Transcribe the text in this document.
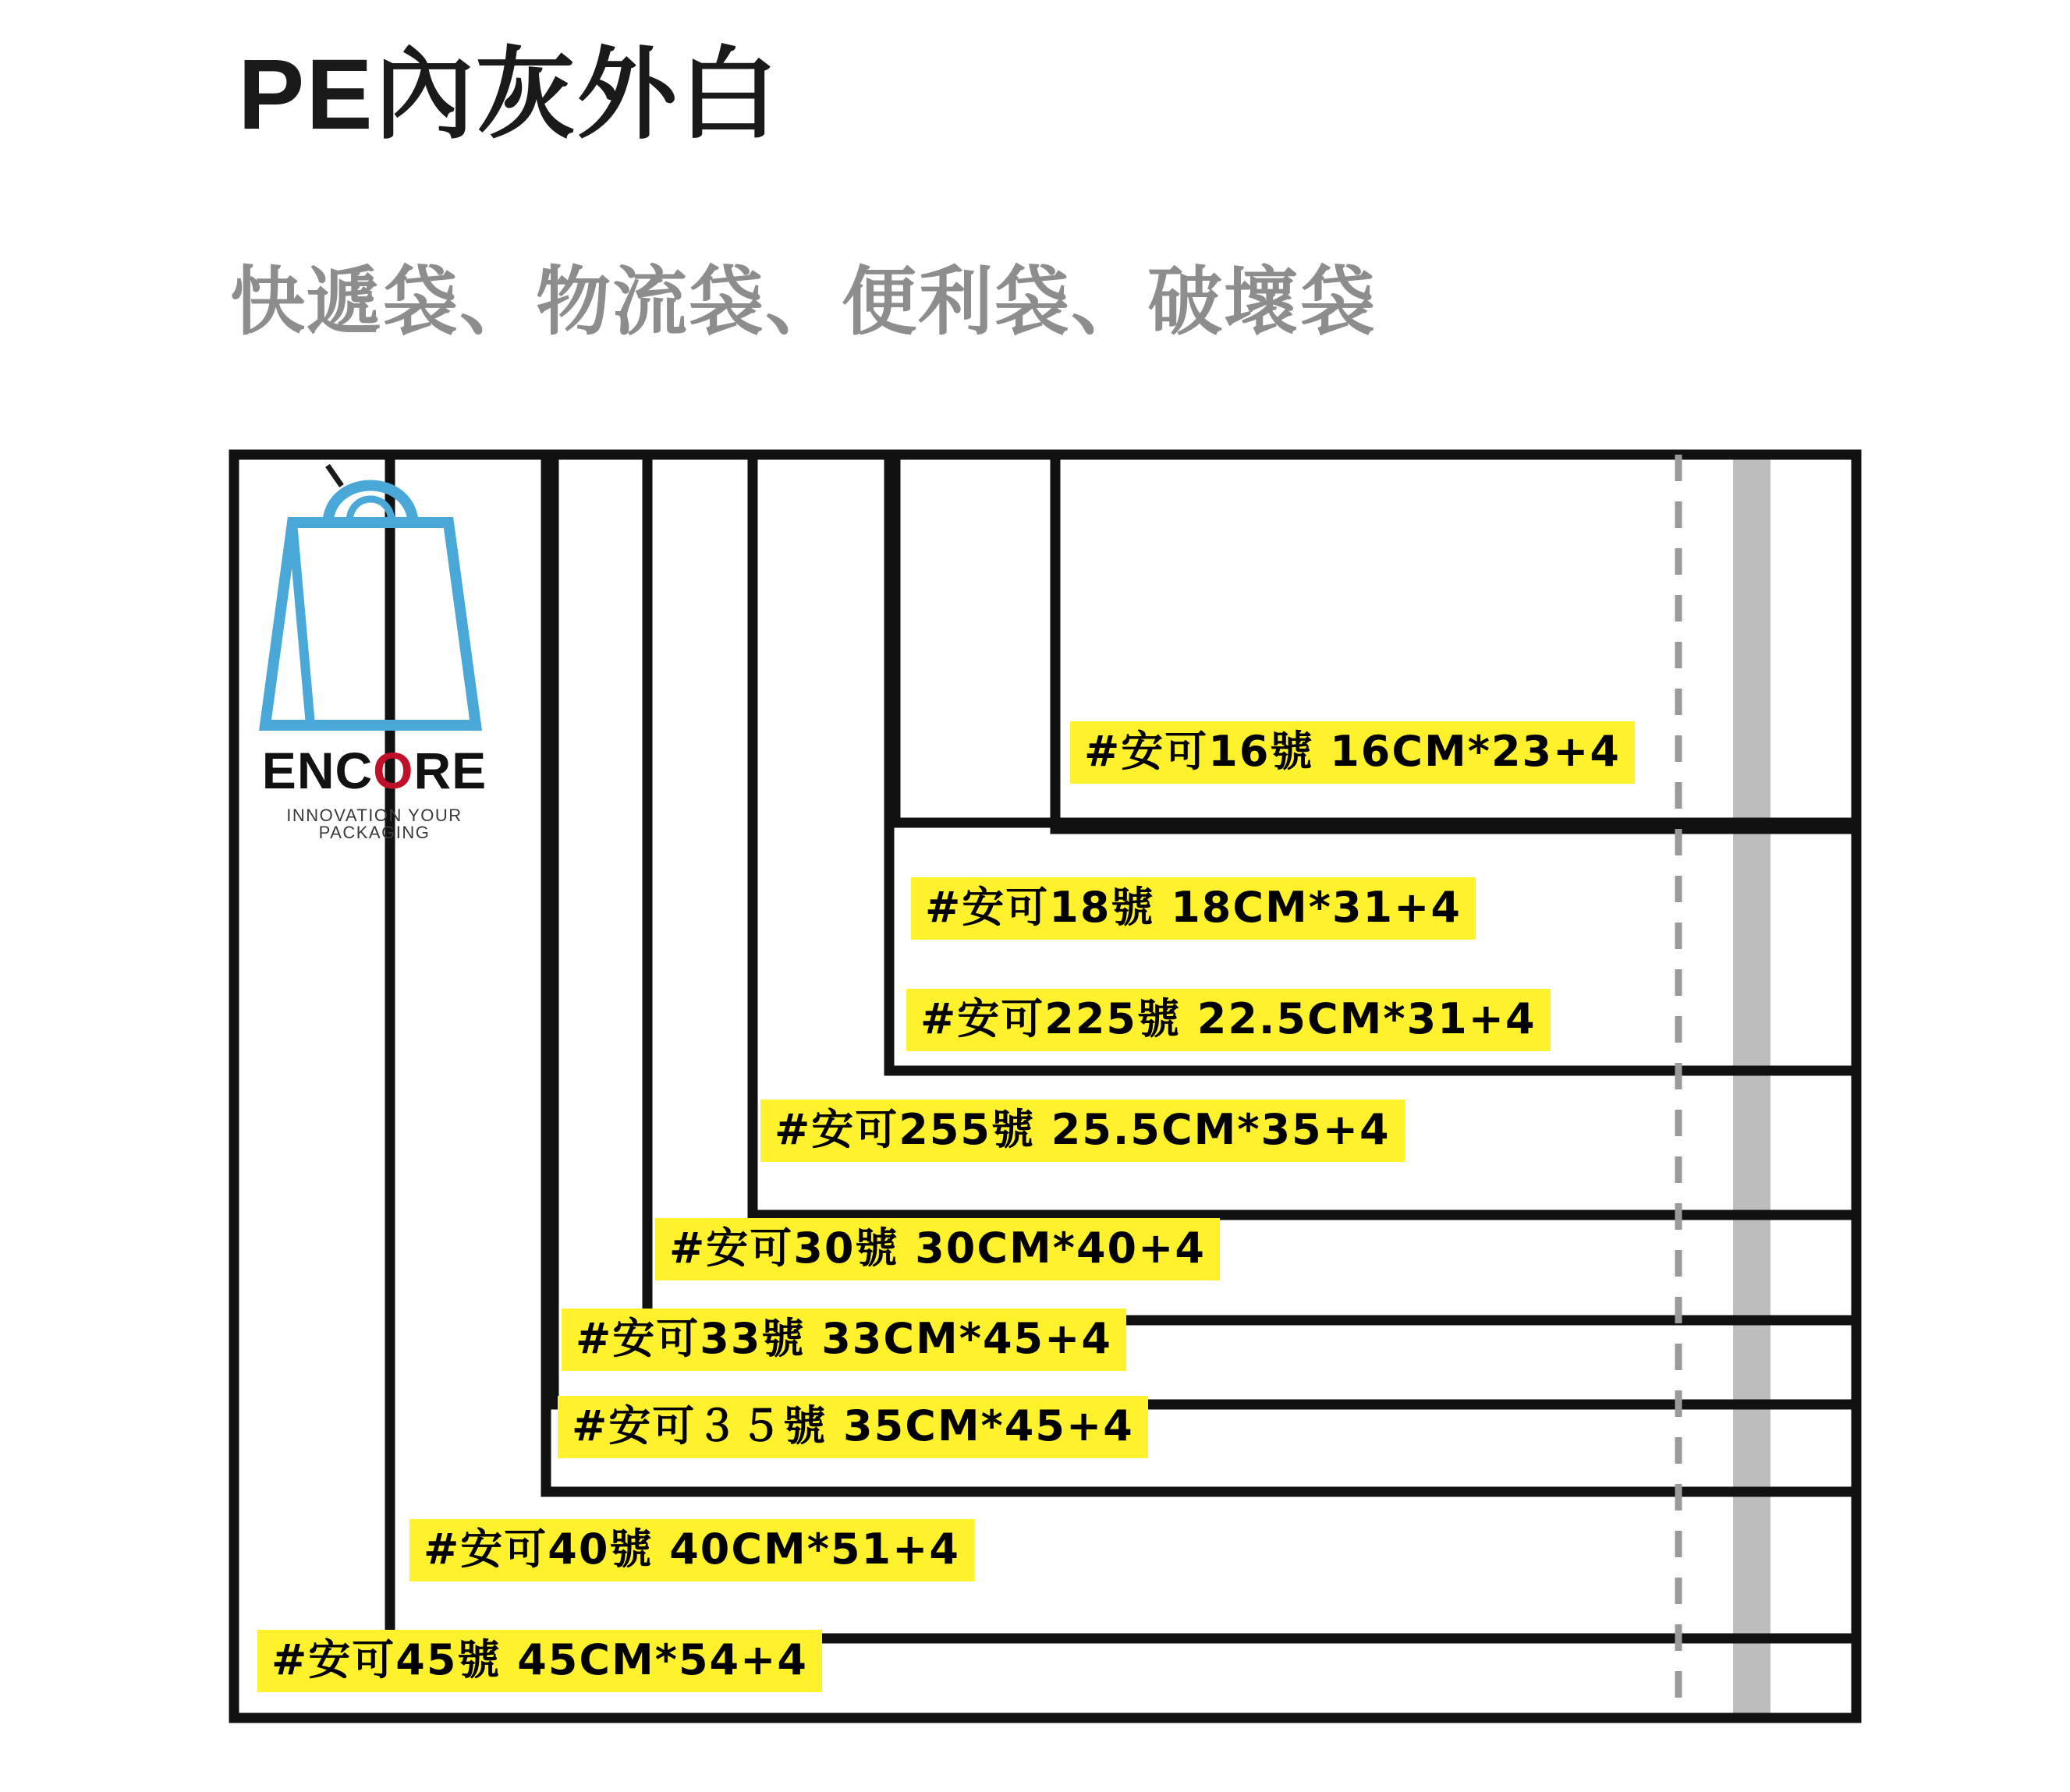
PE內灰外白
快遞袋、物流袋、便利袋、破壞袋
ENCORE
INNOVATION YOUR PACKAGING
#安可16號 16CM*23+4
#安可18號 18CM*31+4
#安可225號 22.5CM*31+4
#安可255號 25.5CM*35+4
#安可30號 30CM*40+4
#安可33號 33CM*45+4
#安可３５號 35CM*45+4
#安可40號 40CM*51+4
#安可45號 45CM*54+4
